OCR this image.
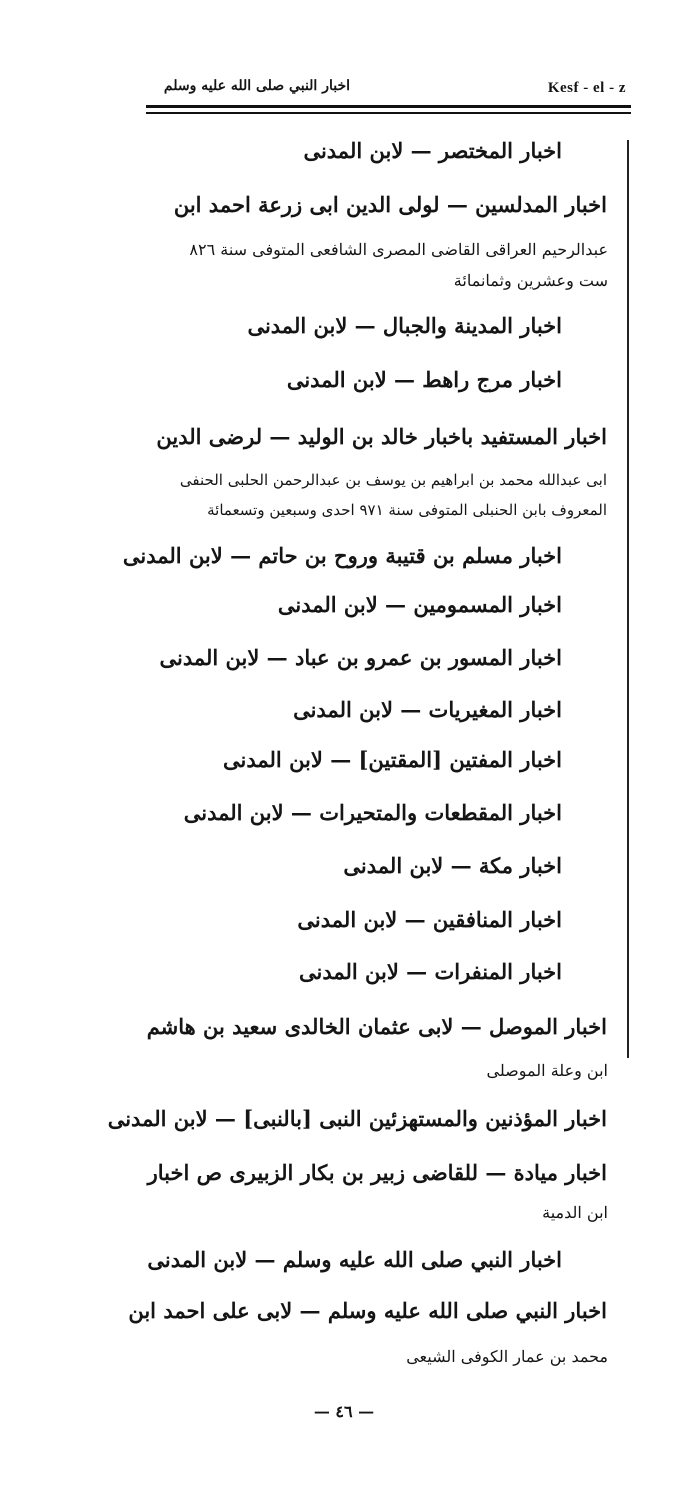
Kesf - el - z
اخبار النبي صلى الله عليه وسلم
اخبار المختصر — لابن المدنى
اخبار المدلسين — لولى الدين ابى زرعة احمد ابن
عبدالرحيم العراقى القاضى المصرى الشافعى المتوفى سنة ٨٢٦
ست وعشرين وثمانمائة
اخبار المدينة والجبال — لابن المدنى
اخبار مرج راهط — لابن المدنى
اخبار المستفيد باخبار خالد بن الوليد — لرضى الدين
ابى عبدالله محمد بن ابراهيم بن يوسف بن عبدالرحمن الحلبى الحنفى
المعروف بابن الحنبلى المتوفى سنة ٩٧١ احدى وسبعين وتسعمائة
اخبار مسلم بن قتيبة وروح بن حاتم — لابن المدنى
اخبار المسمومين — لابن المدنى
اخبار المسور بن عمرو بن عباد — لابن المدنى
اخبار المغيريات — لابن المدنى
اخبار المفتين [المقتين] — لابن المدنى
اخبار المقطعات والمتحيرات — لابن المدنى
اخبار مكة — لابن المدنى
اخبار المنافقين — لابن المدنى
اخبار المنفرات — لابن المدنى
اخبار الموصل — لابى عثمان الخالدى سعيد بن هاشم
ابن وعلة الموصلى
اخبار المؤذنين والمستهزئين النبى [بالنبى] — لابن المدنى
اخبار ميادة — للقاضى زبير بن بكار الزبيرى ص اخبار
ابن الدمية
اخبار النبي صلى الله عليه وسلم — لابن المدنى
اخبار النبي صلى الله عليه وسلم — لابى على احمد ابن
محمد بن عمار الكوفى الشيعى
— ٤٦ —
